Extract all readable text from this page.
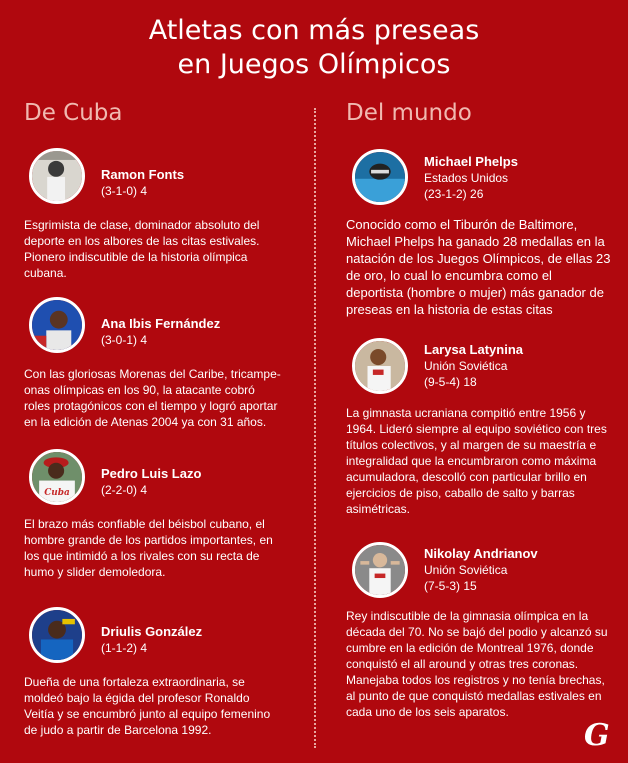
Atletas con más preseas
en Juegos Olímpicos
De Cuba	Del mundo
Ramon Fonts
(3-1-0) 4
Esgrimista de clase, dominador absoluto del deporte en los albores de las citas estivales. Pionero indiscutible de la historia olímpica cubana.
Ana Ibis Fernández
(3-0-1) 4
Con las gloriosas Morenas del Caribe, tricampe- onas olímpicas en los 90, la atacante cobró roles protagónicos con el tiempo y logró aportar en la edición de Atenas 2004 ya con 31 años.
Cuba
Pedro Luis Lazo
(2-2-0) 4
El brazo más confiable del béisbol cubano, el hombre grande de los partidos importantes, en los que intimidó a los rivales con su recta de humo y slider demoledora.
Driulis González
(1-1-2) 4
Dueña de una fortaleza extraordinaria, se moldeó bajo la égida del profesor Ronaldo Veitía y se encumbró junto al equipo femenino de judo a partir de Barcelona 1992.
Michael Phelps
Estados Unidos
(23-1-2) 26
Conocido como el Tiburón de Baltimore, Michael Phelps ha ganado 28 medallas en la natación de los Juegos Olímpicos, de ellas 23 de oro, lo cual lo encumbra como el deportista (hombre o mujer) más ganador de preseas en la historia de estas citas
Larysa Latynina
Unión Soviética
(9-5-4) 18
La gimnasta ucraniana compitió entre 1956 y 1964. Lideró siempre al equipo soviético con tres títulos colectivos, y al margen de su maestría e integralidad que la encumbraron como máxima acumuladora, descolló con particular brillo en ejercicios de piso, caballo de salto y barras asimétricas.
Nikolay Andrianov
Unión Soviética
(7-5-3) 15
Rey indiscutible de la gimnasia olímpica en la década del 70. No se bajó del podio y alcanzó su cumbre en la edición de Montreal 1976, donde conquistó el all around y otras tres coronas. Manejaba todos los registros y no tenía brechas, al punto de que conquistó medallas estivales en cada uno de los seis aparatos.
G
